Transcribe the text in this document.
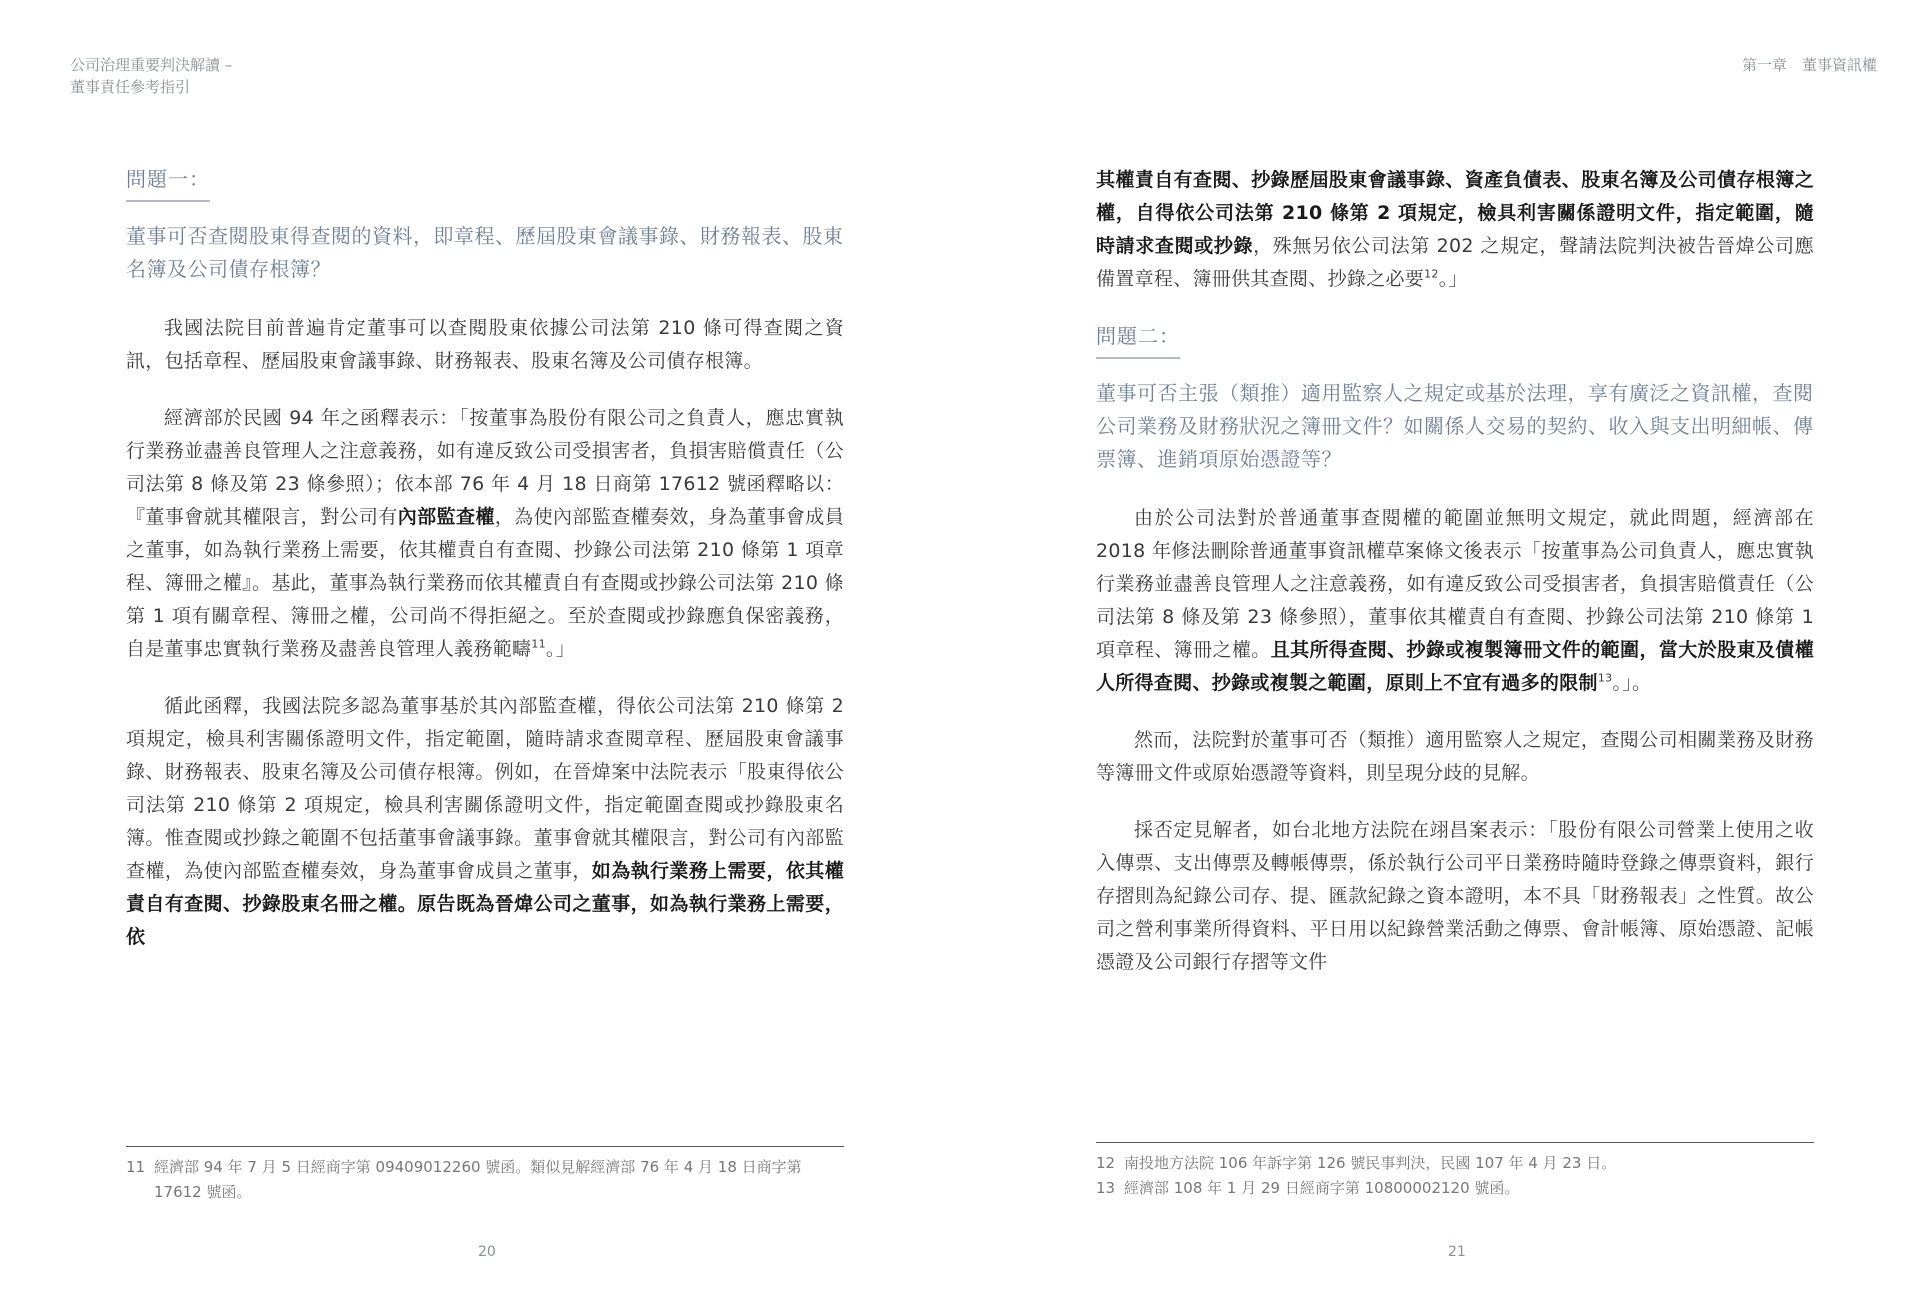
公司治理重要判決解讀 –
董事責任參考指引
問題一：
董事可否查閱股東得查閱的資料，即章程、歷屆股東會議事錄、財務報表、股東名簿及公司債存根簿？

我國法院目前普遍肯定董事可以查閱股東依據公司法第 210 條可得查閱之資訊，包括章程、歷屆股東會議事錄、財務報表、股東名簿及公司債存根簿。

經濟部於民國 94 年之函釋表示：「按董事為股份有限公司之負責人，應忠實執行業務並盡善良管理人之注意義務，如有違反致公司受損害者，負損害賠償責任（公司法第 8 條及第 23 條參照）；依本部 76 年 4 月 18 日商第 17612 號函釋略以：『董事會就其權限言，對公司有內部監查權，為使內部監查權奏效，身為董事會成員之董事，如為執行業務上需要，依其權責自有查閱、抄錄公司法第 210 條第 1 項章程、簿冊之權』。基此，董事為執行業務而依其權責自有查閱或抄錄公司法第 210 條第 1 項有關章程、簿冊之權，公司尚不得拒絕之。至於查閱或抄錄應負保密義務，自是董事忠實執行業務及盡善良管理人義務範疇$^{11}$。」

循此函釋，我國法院多認為董事基於其內部監查權，得依公司法第 210 條第 2 項規定，檢具利害關係證明文件，指定範圍，隨時請求查閱章程、歷屆股東會議事錄、財務報表、股東名簿及公司債存根簿。例如，在晉煒案中法院表示「股東得依公司法第 210 條第 2 項規定，檢具利害關係證明文件，指定範圍查閱或抄錄股東名簿。惟查閱或抄錄之範圍不包括董事會議事錄。董事會就其權限言，對公司有內部監查權，為使內部監查權奏效，身為董事會成員之董事，如為執行業務上需要，依其權責自有查閱、抄錄股東名冊之權。原告既為晉煒公司之董事，如為執行業務上需要，依

11 經濟部 94 年 7 月 5 日經商字第 09409012260 號函。類似見解經濟部 76 年 4 月 18 日商字第 17612 號函。
20
第一章　董事資訊權

其權責自有查閱、抄錄歷屆股東會議事錄、資產負債表、股東名簿及公司債存根簿之權，自得依公司法第 210 條第 2 項規定，檢具利害關係證明文件，指定範圍，隨時請求查閱或抄錄，殊無另依公司法第 202 之規定，聲請法院判決被告晉煒公司應備置章程、簿冊供其查閱、抄錄之必要$^{12}$。」

問題二：
董事可否主張（類推）適用監察人之規定或基於法理，享有廣泛之資訊權，查閱公司業務及財務狀況之簿冊文件？如關係人交易的契約、收入與支出明細帳、傳票簿、進銷項原始憑證等？

由於公司法對於普通董事查閱權的範圍並無明文規定，就此問題，經濟部在 2018 年修法刪除普通董事資訊權草案條文後表示「按董事為公司負責人，應忠實執行業務並盡善良管理人之注意義務，如有違反致公司受損害者，負損害賠償責任（公司法第 8 條及第 23 條參照），董事依其權責自有查閱、抄錄公司法第 210 條第 1 項章程、簿冊之權。且其所得查閱、抄錄或複製簿冊文件的範圍，當大於股東及債權人所得查閱、抄錄或複製之範圍，原則上不宜有過多的限制$^{13}$。」。

然而，法院對於董事可否（類推）適用監察人之規定，查閱公司相關業務及財務等簿冊文件或原始憑證等資料，則呈現分歧的見解。

採否定見解者，如台北地方法院在翊昌案表示：「股份有限公司營業上使用之收入傳票、支出傳票及轉帳傳票，係於執行公司平日業務時隨時登錄之傳票資料，銀行存摺則為紀錄公司存、提、匯款紀錄之資本證明，本不具「財務報表」之性質。故公司之營利事業所得資料、平日用以紀錄營業活動之傳票、會計帳簿、原始憑證、記帳憑證及公司銀行存摺等文件

12 南投地方法院 106 年訴字第 126 號民事判決，民國 107 年 4 月 23 日。
13 經濟部 108 年 1 月 29 日經商字第 10800002120 號函。
21
